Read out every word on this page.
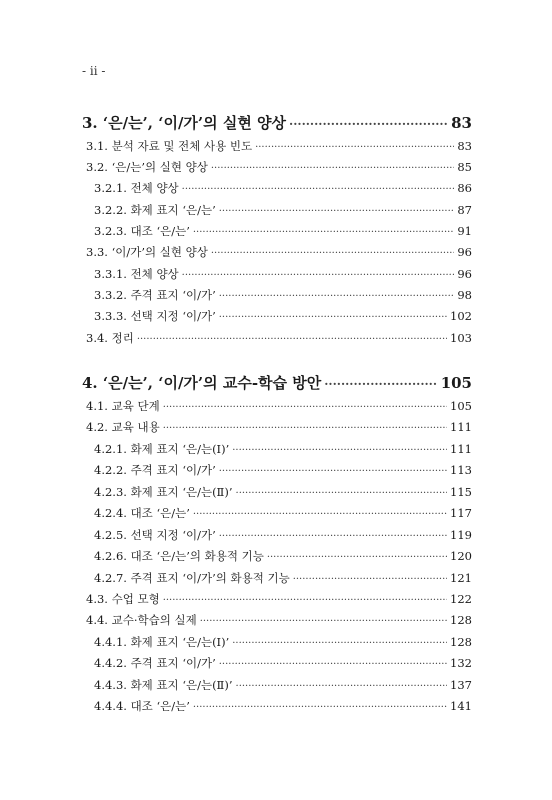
- ii -
3. ‘은/는’, ‘이/가’의 실현 양상 ·····	83
3.1. 분석 자료 및 전체 사용 빈도 ·····	83
3.2. ‘은/는’의 실현 양상 ·····	85
3.2.1. 전체 양상 ·····	86
3.2.2. 화제 표지 ‘은/는’ ·····	87
3.2.3. 대조 ‘은/는’ ·····	91
3.3. ‘이/가’의 실현 양상 ·····	96
3.3.1. 전체 양상 ·····	96
3.3.2. 주격 표지 ‘이/가’ ·····	98
3.3.3. 선택 지정 ‘이/가’ ·····	102
3.4. 정리 ·····	103
4. ‘은/는’, ‘이/가’의 교수-학습 방안 ·····	105
4.1. 교육 단계 ·····	105
4.2. 교육 내용 ·····	111
4.2.1. 화제 표지 ‘은/는(Ⅰ)’ ·····	111
4.2.2. 주격 표지 ‘이/가’ ·····	113
4.2.3. 화제 표지 ‘은/는(Ⅱ)’ ·····	115
4.2.4. 대조 ‘은/는’ ·····	117
4.2.5. 선택 지정 ‘이/가’ ·····	119
4.2.6. 대조 ‘은/는’의 화용적 기능 ·····	120
4.2.7. 주격 표지 ‘이/가’의 화용적 기능 ·····	121
4.3. 수업 모형 ·····	122
4.4. 교수·학습의 실제 ·····	128
4.4.1. 화제 표지 ‘은/는(Ⅰ)’ ·····	128
4.4.2. 주격 표지 ‘이/가’ ·····	132
4.4.3. 화제 표지 ‘은/는(Ⅱ)’ ·····	137
4.4.4. 대조 ‘은/는’ ·····	141
